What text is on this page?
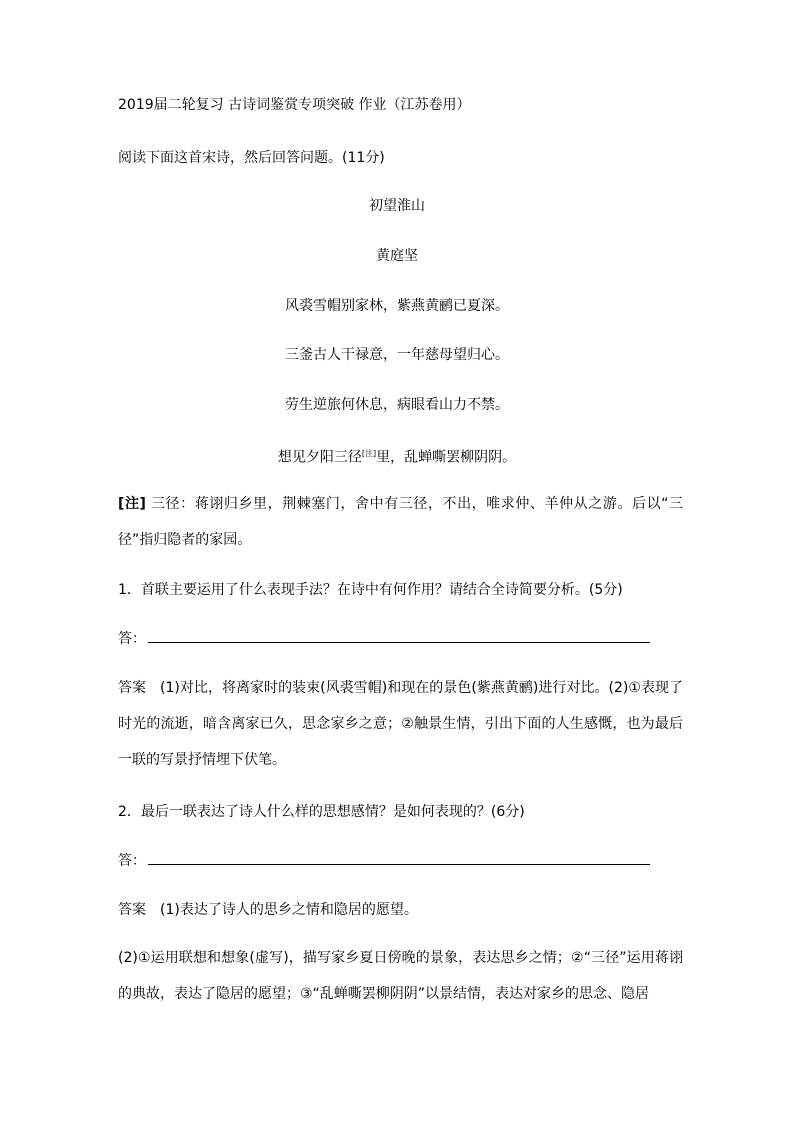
2019届二轮复习 古诗词鉴赏专项突破 作业（江苏卷用）
阅读下面这首宋诗，然后回答问题。(11分)
初望淮山
黄庭坚
风裘雪帽别家林，紫燕黄鹂已夏深。
三釜古人干禄意，一年慈母望归心。
劳生逆旅何休息，病眼看山力不禁。
想见夕阳三径[注]里，乱蝉嘶罢柳阴阴。
[注] 三径：蒋诩归乡里，荆棘塞门，舍中有三径，不出，唯求仲、羊仲从之游。后以“三径”指归隐者的家园。
1．首联主要运用了什么表现手法？在诗中有何作用？请结合全诗简要分析。(5分)
答：
答案 (1)对比，将离家时的装束(风裘雪帽)和现在的景色(紫燕黄鹂)进行对比。(2)①表现了时光的流逝，暗含离家已久，思念家乡之意；②触景生情，引出下面的人生感慨，也为最后一联的写景抒情埋下伏笔。
2．最后一联表达了诗人什么样的思想感情？是如何表现的？(6分)
答：
答案 (1)表达了诗人的思乡之情和隐居的愿望。
(2)①运用联想和想象(虚写)，描写家乡夏日傍晚的景象，表达思乡之情；②“三径”运用蒋诩的典故，表达了隐居的愿望；③“乱蝉嘶罢柳阴阴”以景结情，表达对家乡的思念、隐居
